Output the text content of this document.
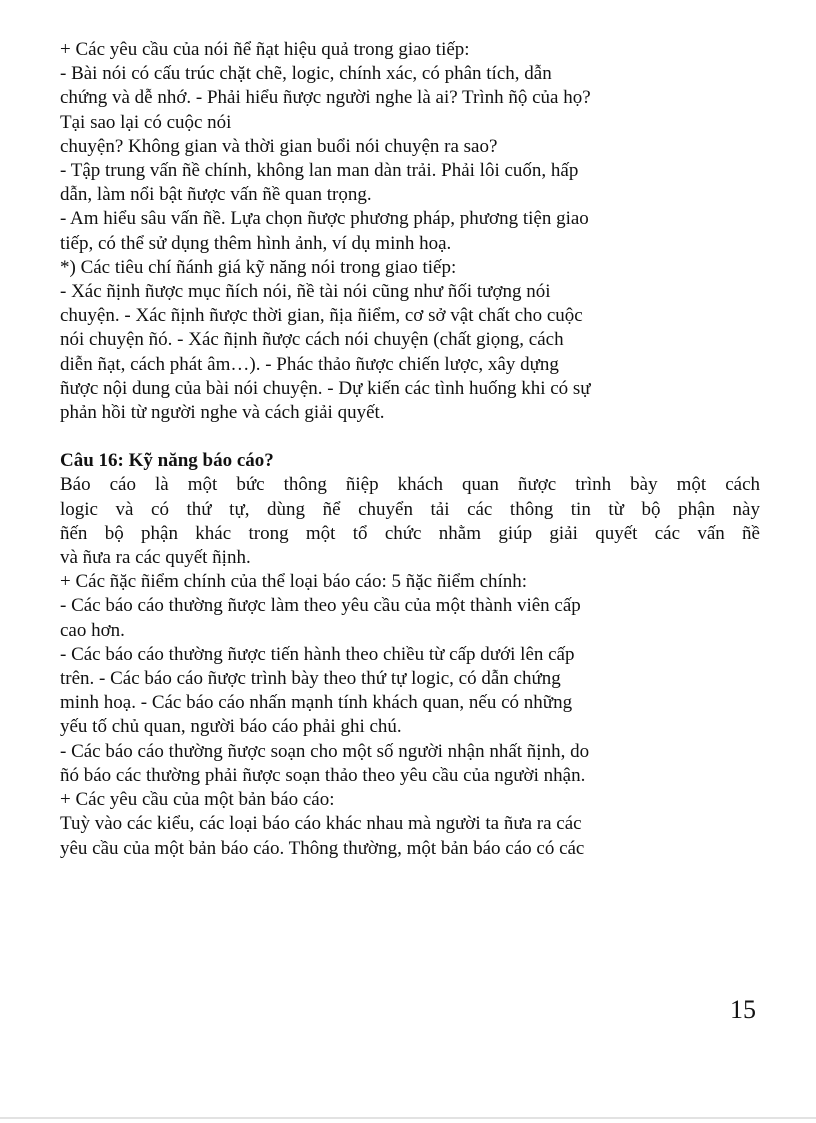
+ Các yêu cầu của nói ñể ñạt hiệu quả trong giao tiếp:
- Bài nói có cấu trúc chặt chẽ, logic, chính xác, có phân tích, dẫn
chứng và dễ nhớ. - Phải hiểu ñược người nghe là ai? Trình ñộ của họ?
Tại sao lại có cuộc nói
chuyện? Không gian và thời gian buổi nói chuyện ra sao?
- Tập trung vấn ñề chính, không lan man dàn trải. Phải lôi cuốn, hấp
dẫn, làm nổi bật ñược vấn ñề quan trọng.
- Am hiểu sâu vấn ñề. Lựa chọn ñược phương pháp, phương tiện giao
tiếp, có thể sử dụng thêm hình ảnh, ví dụ minh hoạ.
*) Các tiêu chí ñánh giá kỹ năng nói trong giao tiếp:
- Xác ñịnh ñược mục ñích nói, ñề tài nói cũng như ñối tượng nói
chuyện. - Xác ñịnh ñược thời gian, ñịa ñiểm, cơ sở vật chất cho cuộc
nói chuyện ñó. - Xác ñịnh ñược cách nói chuyện (chất giọng, cách
diễn ñạt, cách phát âm…). - Phác thảo ñược chiến lược, xây dựng
ñược nội dung của bài nói chuyện. - Dự kiến các tình huống khi có sự
phản hồi từ người nghe và cách giải quyết.
Câu 16: Kỹ năng báo cáo?
Báo cáo là một bức thông ñiệp khách quan ñược trình bày một cách
logic và có thứ tự, dùng ñể chuyển tải các thông tin từ bộ phận này
ñến bộ phận khác trong một tổ chức nhằm giúp giải quyết các vấn ñề
và ñưa ra các quyết ñịnh.
+ Các ñặc ñiểm chính của thể loại báo cáo: 5 ñặc ñiểm chính:
- Các báo cáo thường ñược làm theo yêu cầu của một thành viên cấp
cao hơn.
- Các báo cáo thường ñược tiến hành theo chiều từ cấp dưới lên cấp
trên. - Các báo cáo ñược trình bày theo thứ tự logic, có dẫn chứng
minh hoạ. - Các báo cáo nhấn mạnh tính khách quan, nếu có những
yếu tố chủ quan, người báo cáo phải ghi chú.
- Các báo cáo thường ñược soạn cho một số người nhận nhất ñịnh, do
ñó báo các thường phải ñược soạn thảo theo yêu cầu của người nhận.
+ Các yêu cầu của một bản báo cáo:
Tuỳ vào các kiểu, các loại báo cáo khác nhau mà người ta ñưa ra các
yêu cầu của một bản báo cáo. Thông thường, một bản báo cáo có các
15
